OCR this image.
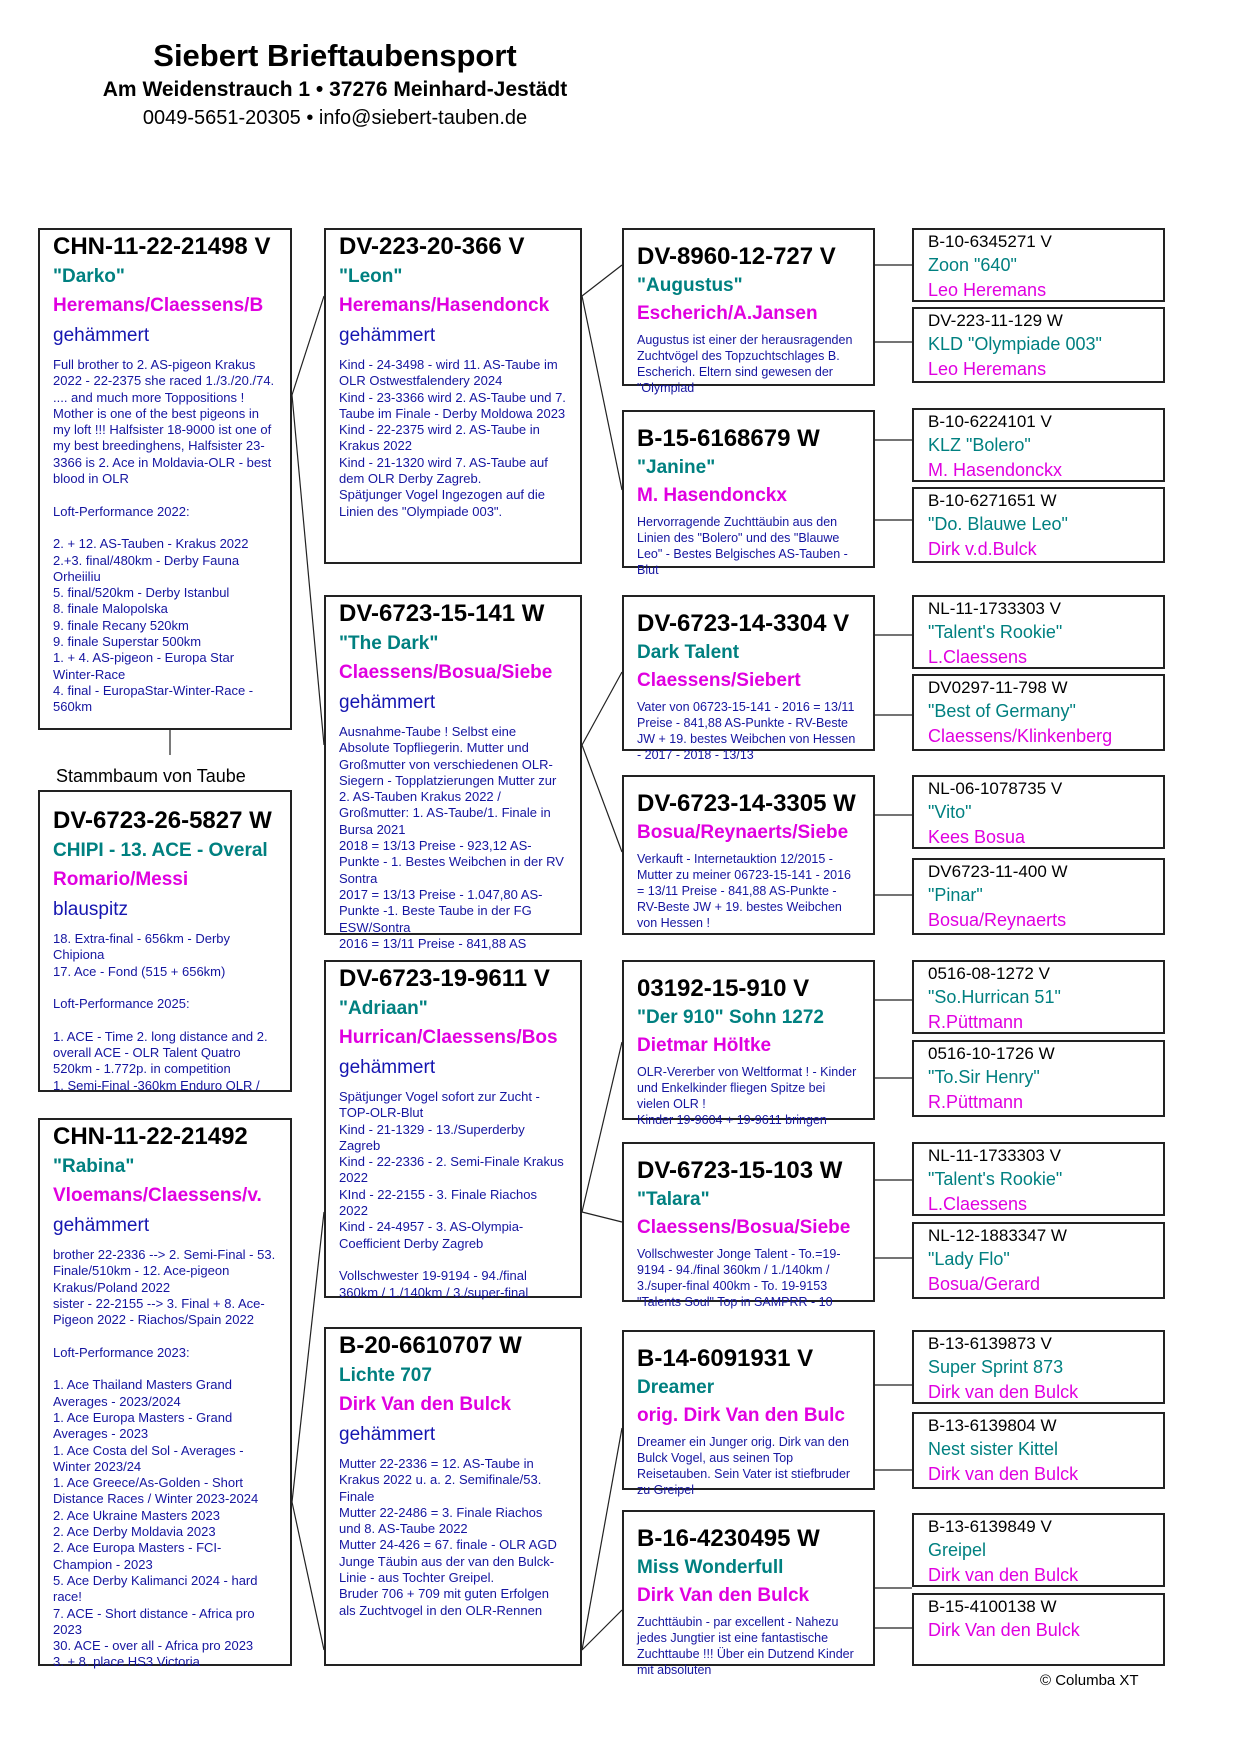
Siebert Brieftaubensport
Am Weidenstrauch 1 • 37276 Meinhard-Jestädt
0049-5651-20305 • info@siebert-tauben.de
CHN-11-22-21498 V
"Darko"
Heremans/Claessens/B
gehämmert
Full brother to 2. AS-pigeon Krakus 2022 - 22-2375 she raced 1./3./20./74. .... and much more Toppositions !
Mother is one of the best pigeons in my loft !!! Halfsister 18-9000 ist one of my best breedinghens, Halfsister 23-3366 is 2. Ace in Moldavia-OLR - best blood in OLR

Loft-Performance 2022:

2. + 12. AS-Tauben - Krakus 2022
2.+3. final/480km - Derby Fauna Orheiiliu
5. final/520km - Derby Istanbul
8. finale Malopolska
9. finale Recany 520km
9. finale Superstar 500km
1. + 4. AS-pigeon - Europa Star Winter-Race
4. final - EuropaStar-Winter-Race - 560km
DV-6723-26-5827 W
CHIPI - 13. ACE - Overal
Romario/Messi
blauspitz
18. Extra-final - 656km - Derby Chipiona
17. Ace - Fond (515 + 656km)

Loft-Performance 2025:

1. ACE - Time 2. long distance and 2. overall ACE - OLR Talent Quatro 520km - 1.772p. in competition
1. Semi-Final -360km Enduro OLR /
Stammbaum von Taube
CHN-11-22-21492
"Rabina"
Vloemans/Claessens/v.
gehämmert
brother 22-2336 --> 2. Semi-Final - 53. Finale/510km - 12. Ace-pigeon Krakus/Poland 2022
sister - 22-2155 --> 3. Final + 8. Ace-Pigeon 2022 - Riachos/Spain 2022

Loft-Performance 2023:

1. Ace Thailand Masters Grand Averages - 2023/2024
1. Ace Europa Masters - Grand Averages - 2023
1. Ace Costa del Sol - Averages - Winter 2023/24
1. Ace Greece/As-Golden - Short Distance Races / Winter 2023-2024
2. Ace Ukraine Masters 2023
2. Ace Derby Moldavia 2023
2. Ace Europa Masters - FCI-Champion - 2023
5. Ace Derby Kalimanci 2024 - hard race!
7. ACE - Short distance - Africa pro 2023
30. ACE - over all - Africa pro 2023
3. + 8. place HS3 Victoria
DV-223-20-366 V
"Leon"
Heremans/Hasendonck
gehämmert
Kind - 24-3498 - wird 11. AS-Taube im OLR Ostwestfalendery 2024
Kind - 23-3366 wird 2. AS-Taube und 7. Taube im Finale - Derby Moldowa 2023
Kind - 22-2375 wird 2. AS-Taube in Krakus 2022
Kind - 21-1320 wird 7. AS-Taube auf dem OLR Derby Zagreb.
Spätjunger Vogel Ingezogen auf die Linien des "Olympiade 003".
DV-6723-15-141 W
"The Dark"
Claessens/Bosua/Siebe
gehämmert
Ausnahme-Taube ! Selbst eine Absolute Topfliegerin. Mutter und Großmutter von verschiedenen OLR-Siegern - Topplatzierungen Mutter zur 2. AS-Tauben Krakus 2022 / Großmutter: 1. AS-Taube/1. Finale in Bursa 2021
2018 = 13/13 Preise - 923,12 AS-Punkte - 1. Bestes Weibchen in der RV Sontra
2017 = 13/13 Preise - 1.047,80 AS-Punkte -1. Beste Taube in der FG ESW/Sontra
2016 = 13/11 Preise - 841,88 AS
DV-6723-19-9611 V
"Adriaan"
Hurrican/Claessens/Bos
gehämmert
Spätjunger Vogel sofort zur Zucht - TOP-OLR-Blut
Kind - 21-1329 - 13./Superderby Zagreb
Kind - 22-2336 - 2. Semi-Finale Krakus 2022
KInd - 22-2155 - 3. Finale Riachos 2022
Kind - 24-4957 - 3. AS-Olympia-Coefficient Derby Zagreb

Vollschwester 19-9194 - 94./final 360km / 1./140km / 3./super-final
B-20-6610707 W
Lichte 707
Dirk Van den Bulck
gehämmert
Mutter 22-2336 = 12. AS-Taube in Krakus 2022 u. a. 2. Semifinale/53. Finale
Mutter 22-2486 = 3. Finale Riachos und 8. AS-Taube 2022
Mutter 24-426 = 67. finale - OLR AGD
Junge Täubin aus der van den Bulck-Linie - aus Tochter Greipel.
Bruder 706 + 709 mit guten Erfolgen als Zuchtvogel in den OLR-Rennen
DV-8960-12-727 V
"Augustus"
Escherich/A.Jansen
Augustus ist einer der herausragenden Zuchtvögel des Topzuchtschlages B. Escherich. Eltern sind gewesen der "Olympiad
B-15-6168679 W
"Janine"
M. Hasendonckx
Hervorragende Zuchttäubin aus den Linien des "Bolero" und des "Blauwe Leo" - Bestes Belgisches AS-Tauben - Blut
DV-6723-14-3304 V
Dark Talent
Claessens/Siebert
Vater von 06723-15-141 - 2016 = 13/11 Preise - 841,88 AS-Punkte - RV-Beste JW + 19. bestes Weibchen von Hessen - 2017 - 2018 - 13/13
DV-6723-14-3305 W
Bosua/Reynaerts/Siebe
Verkauft - Internetauktion 12/2015 - Mutter zu meiner 06723-15-141 - 2016 = 13/11 Preise - 841,88 AS-Punkte - RV-Beste JW + 19. bestes Weibchen von Hessen !
03192-15-910 V
"Der 910" Sohn 1272
Dietmar Höltke
OLR-Vererber von Weltformat ! - Kinder und Enkelkinder fliegen Spitze bei vielen OLR !
Kinder 19-9604 + 19-9611 bringen
DV-6723-15-103 W
"Talara"
Claessens/Bosua/Siebe
Vollschwester Jonge Talent - To.=19-9194 - 94./final 360km / 1./140km / 3./super-final 400km - To. 19-9153 "Talents Soul" Top in SAMPRR - 10
B-14-6091931 V
Dreamer
orig. Dirk Van den Bulc
Dreamer ein Junger orig. Dirk van den Bulck Vogel, aus seinen Top Reisetauben. Sein Vater ist stiefbruder zu Greipel
B-16-4230495 W
Miss Wonderfull
Dirk Van den Bulck
Zuchttäubin - par excellent - Nahezu jedes Jungtier ist eine fantastische Zuchttaube !!! Über ein Dutzend Kinder mit absoluten
B-10-6345271 V
Zoon "640"
Leo Heremans
DV-223-11-129 W
KLD "Olympiade 003"
Leo Heremans
B-10-6224101 V
KLZ "Bolero"
M. Hasendonckx
B-10-6271651 W
"Do. Blauwe Leo"
Dirk v.d.Bulck
NL-11-1733303 V
"Talent's Rookie"
L.Claessens
DV0297-11-798 W
"Best of Germany"
Claessens/Klinkenberg
NL-06-1078735 V
"Vito"
Kees Bosua
DV6723-11-400 W
"Pinar"
Bosua/Reynaerts
0516-08-1272 V
"So.Hurrican 51"
R.Püttmann
0516-10-1726 W
"To.Sir Henry"
R.Püttmann
NL-11-1733303 V
"Talent's Rookie"
L.Claessens
NL-12-1883347 W
"Lady Flo"
Bosua/Gerard
B-13-6139873 V
Super Sprint 873
Dirk van den Bulck
B-13-6139804 W
Nest sister Kittel
Dirk van den Bulck
B-13-6139849 V
Greipel
Dirk van den Bulck
B-15-4100138 W
Dirk Van den Bulck
© Columba XT
